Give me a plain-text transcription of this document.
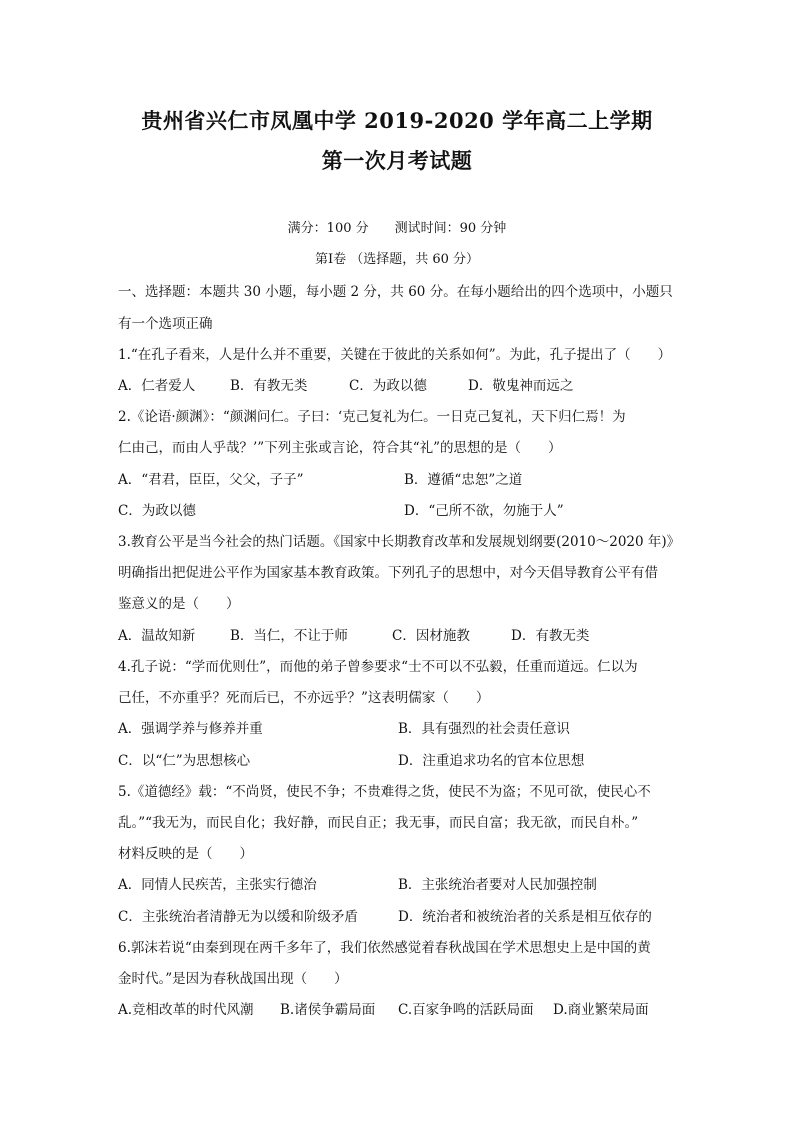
贵州省兴仁市凤凰中学 2019-2020 学年高二上学期
第一次月考试题
满分：100 分 测试时间：90 分钟
第Ⅰ卷 （选择题，共 60 分）
一、选择题：本题共 30 小题，每小题 2 分，共 60 分。在每小题给出的四个选项中，小题只
有一个选项正确
1.“在孔子看来，人是什么并不重要，关键在于彼此的关系如何”。为此，孔子提出了（　　）
A．仁者爱人	B．有教无类	C．为政以德	D．敬鬼神而远之
2.《论语·颜渊》：“颜渊问仁。子曰：‘克己复礼为仁。一日克己复礼，天下归仁焉！为
仁由己，而由人乎哉？’”下列主张或言论，符合其“礼”的思想的是（　　）
A．“君君，臣臣，父父，子子”	B．遵循“忠恕”之道
C．为政以德	D．“己所不欲，勿施于人”
3.教育公平是当今社会的热门话题。《国家中长期教育改革和发展规划纲要(2010～2020 年)》
明确指出把促进公平作为国家基本教育政策。下列孔子的思想中，对今天倡导教育公平有借
鉴意义的是（　　）
A．温故知新	B．当仁，不让于师	C．因材施教	D．有教无类
4.孔子说：“学而优则仕”，而他的弟子曾参要求“士不可以不弘毅，任重而道远。仁以为
己任，不亦重乎？死而后已，不亦远乎？”这表明儒家（　　）
A．强调学养与修养并重	B．具有强烈的社会责任意识
C．以“仁”为思想核心	D．注重追求功名的官本位思想
5.《道德经》载：“不尚贤，使民不争；不贵难得之货，使民不为盗；不见可欲，使民心不
乱。”“我无为，而民自化；我好静，而民自正；我无事，而民自富；我无欲，而民自朴。”
材料反映的是（　　）
A．同情人民疾苦，主张实行德治	B．主张统治者要对人民加强控制
C．主张统治者清静无为以缓和阶级矛盾	D．统治者和被统治者的关系是相互依存的
6.郭沫若说“由秦到现在两千多年了，我们依然感觉着春秋战国在学术思想史上是中国的黄
金时代。”是因为春秋战国出现（　　）
A.竞相改革的时代风潮 B.诸侯争霸局面 C.百家争鸣的活跃局面 D.商业繁荣局面
